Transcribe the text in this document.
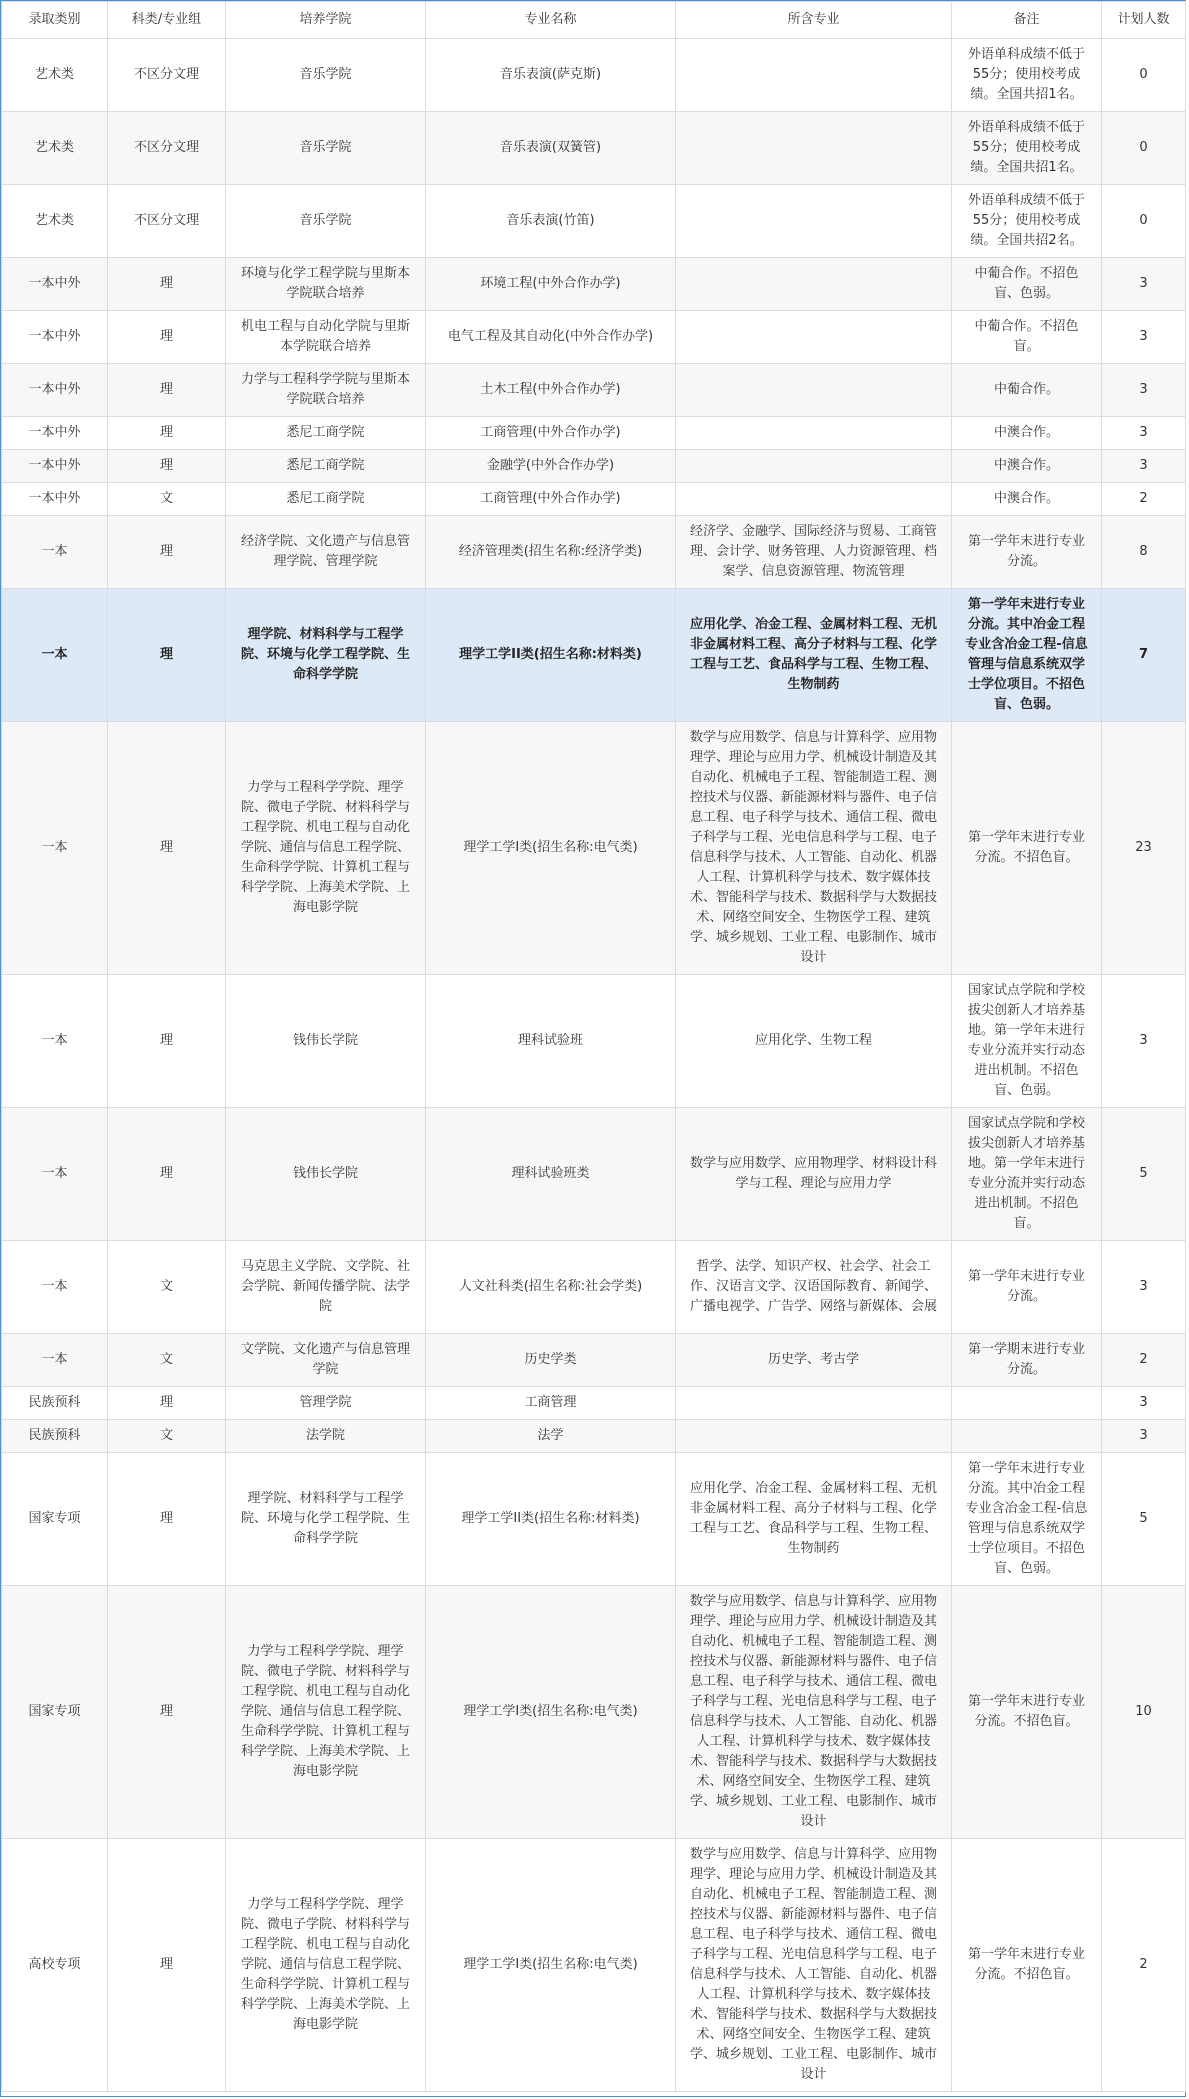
录取类别	科类/专业组	培养学院	专业名称	所含专业	备注	计划人数
艺术类	不区分文理	音乐学院	音乐表演(萨克斯)		外语单科成绩不低于55分；使用校考成绩。全国共招1名。	0
艺术类	不区分文理	音乐学院	音乐表演(双簧管)		外语单科成绩不低于55分；使用校考成绩。全国共招1名。	0
艺术类	不区分文理	音乐学院	音乐表演(竹笛)		外语单科成绩不低于55分；使用校考成绩。全国共招2名。	0
一本中外	理	环境与化学工程学院与里斯本学院联合培养	环境工程(中外合作办学)		中葡合作。不招色盲、色弱。	3
一本中外	理	机电工程与自动化学院与里斯本学院联合培养	电气工程及其自动化(中外合作办学)		中葡合作。不招色盲。	3
一本中外	理	力学与工程科学学院与里斯本学院联合培养	土木工程(中外合作办学)		中葡合作。	3
一本中外	理	悉尼工商学院	工商管理(中外合作办学)		中澳合作。	3
一本中外	理	悉尼工商学院	金融学(中外合作办学)		中澳合作。	3
一本中外	文	悉尼工商学院	工商管理(中外合作办学)		中澳合作。	2
一本	理	经济学院、文化遗产与信息管理学院、管理学院	经济管理类(招生名称:经济学类)	经济学、金融学、国际经济与贸易、工商管理、会计学、财务管理、人力资源管理、档案学、信息资源管理、物流管理	第一学年末进行专业分流。	8
一本	理	理学院、材料科学与工程学院、环境与化学工程学院、生命科学学院	理学工学II类(招生名称:材料类)	应用化学、冶金工程、金属材料工程、无机非金属材料工程、高分子材料与工程、化学工程与工艺、食品科学与工程、生物工程、生物制药	第一学年末进行专业分流。其中冶金工程专业含冶金工程-信息管理与信息系统双学士学位项目。不招色盲、色弱。	7
一本	理	力学与工程科学学院、理学院、微电子学院、材料科学与工程学院、机电工程与自动化学院、通信与信息工程学院、生命科学学院、计算机工程与科学学院、上海美术学院、上海电影学院	理学工学I类(招生名称:电气类)	数学与应用数学、信息与计算科学、应用物理学、理论与应用力学、机械设计制造及其自动化、机械电子工程、智能制造工程、测控技术与仪器、新能源材料与器件、电子信息工程、电子科学与技术、通信工程、微电子科学与工程、光电信息科学与工程、电子信息科学与技术、人工智能、自动化、机器人工程、计算机科学与技术、数字媒体技术、智能科学与技术、数据科学与大数据技术、网络空间安全、生物医学工程、建筑学、城乡规划、工业工程、电影制作、城市设计	第一学年末进行专业分流。不招色盲。	23
一本	理	钱伟长学院	理科试验班	应用化学、生物工程	国家试点学院和学校拔尖创新人才培养基地。第一学年末进行专业分流并实行动态进出机制。不招色盲、色弱。	3
一本	理	钱伟长学院	理科试验班类	数学与应用数学、应用物理学、材料设计科学与工程、理论与应用力学	国家试点学院和学校拔尖创新人才培养基地。第一学年末进行专业分流并实行动态进出机制。不招色盲。	5
一本	文	马克思主义学院、文学院、社会学院、新闻传播学院、法学院	人文社科类(招生名称:社会学类)	哲学、法学、知识产权、社会学、社会工作、汉语言文学、汉语国际教育、新闻学、广播电视学、广告学、网络与新媒体、会展	第一学年末进行专业分流。	3
一本	文	文学院、文化遗产与信息管理学院	历史学类	历史学、考古学	第一学期末进行专业分流。	2
民族预科	理	管理学院	工商管理			3
民族预科	文	法学院	法学			3
国家专项	理	理学院、材料科学与工程学院、环境与化学工程学院、生命科学学院	理学工学II类(招生名称:材料类)	应用化学、冶金工程、金属材料工程、无机非金属材料工程、高分子材料与工程、化学工程与工艺、食品科学与工程、生物工程、生物制药	第一学年末进行专业分流。其中冶金工程专业含冶金工程-信息管理与信息系统双学士学位项目。不招色盲、色弱。	5
国家专项	理	力学与工程科学学院、理学院、微电子学院、材料科学与工程学院、机电工程与自动化学院、通信与信息工程学院、生命科学学院、计算机工程与科学学院、上海美术学院、上海电影学院	理学工学I类(招生名称:电气类)	数学与应用数学、信息与计算科学、应用物理学、理论与应用力学、机械设计制造及其自动化、机械电子工程、智能制造工程、测控技术与仪器、新能源材料与器件、电子信息工程、电子科学与技术、通信工程、微电子科学与工程、光电信息科学与工程、电子信息科学与技术、人工智能、自动化、机器人工程、计算机科学与技术、数字媒体技术、智能科学与技术、数据科学与大数据技术、网络空间安全、生物医学工程、建筑学、城乡规划、工业工程、电影制作、城市设计	第一学年末进行专业分流。不招色盲。	10
高校专项	理	力学与工程科学学院、理学院、微电子学院、材料科学与工程学院、机电工程与自动化学院、通信与信息工程学院、生命科学学院、计算机工程与科学学院、上海美术学院、上海电影学院	理学工学I类(招生名称:电气类)	数学与应用数学、信息与计算科学、应用物理学、理论与应用力学、机械设计制造及其自动化、机械电子工程、智能制造工程、测控技术与仪器、新能源材料与器件、电子信息工程、电子科学与技术、通信工程、微电子科学与工程、光电信息科学与工程、电子信息科学与技术、人工智能、自动化、机器人工程、计算机科学与技术、数字媒体技术、智能科学与技术、数据科学与大数据技术、网络空间安全、生物医学工程、建筑学、城乡规划、工业工程、电影制作、城市设计	第一学年末进行专业分流。不招色盲。	2
